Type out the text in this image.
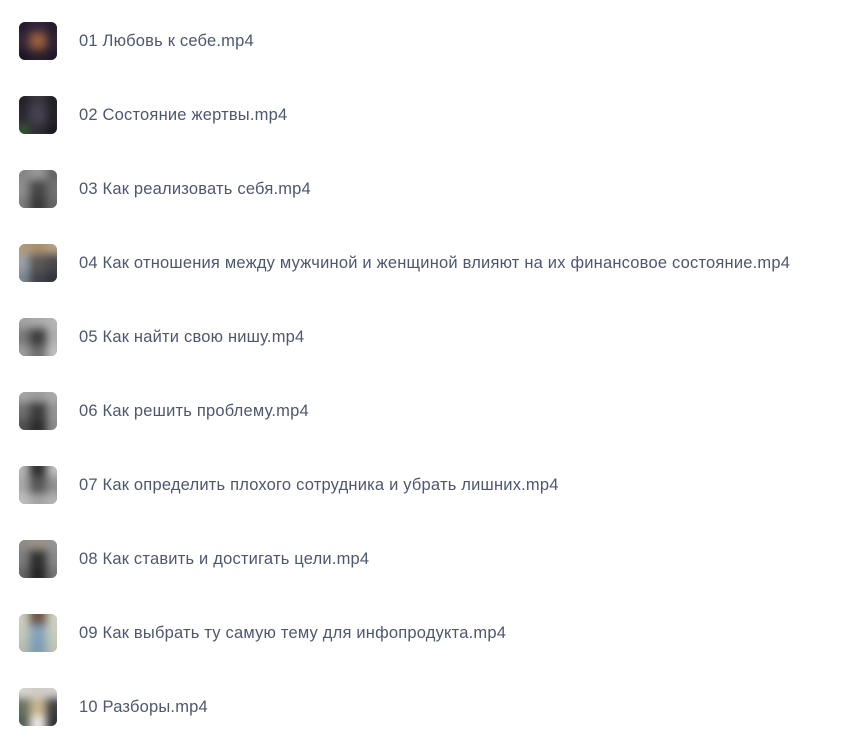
01 Любовь к себе.mp4
02 Состояние жертвы.mp4
03 Как реализовать себя.mp4
04 Как отношения между мужчиной и женщиной влияют на их финансовое состояние.mp4
05 Как найти свою нишу.mp4
06 Как решить проблему.mp4
07 Как определить плохого сотрудника и убрать лишних.mp4
08 Как ставить и достигать цели.mp4
09 Как выбрать ту самую тему для инфопродукта.mp4
10 Разборы.mp4
